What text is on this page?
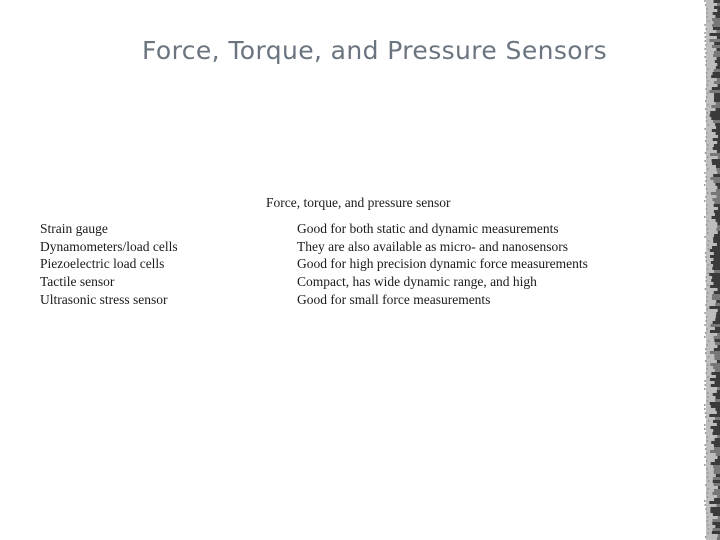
Force, Torque, and Pressure Sensors
Force, torque, and pressure sensor
Strain gauge
Dynamometers/load cells
Piezoelectric load cells
Tactile sensor
Ultrasonic stress sensor
Good for both static and dynamic measurements
They are also available as micro- and nanosensors
Good for high precision dynamic force measurements
Compact, has wide dynamic range, and high
Good for small force measurements
